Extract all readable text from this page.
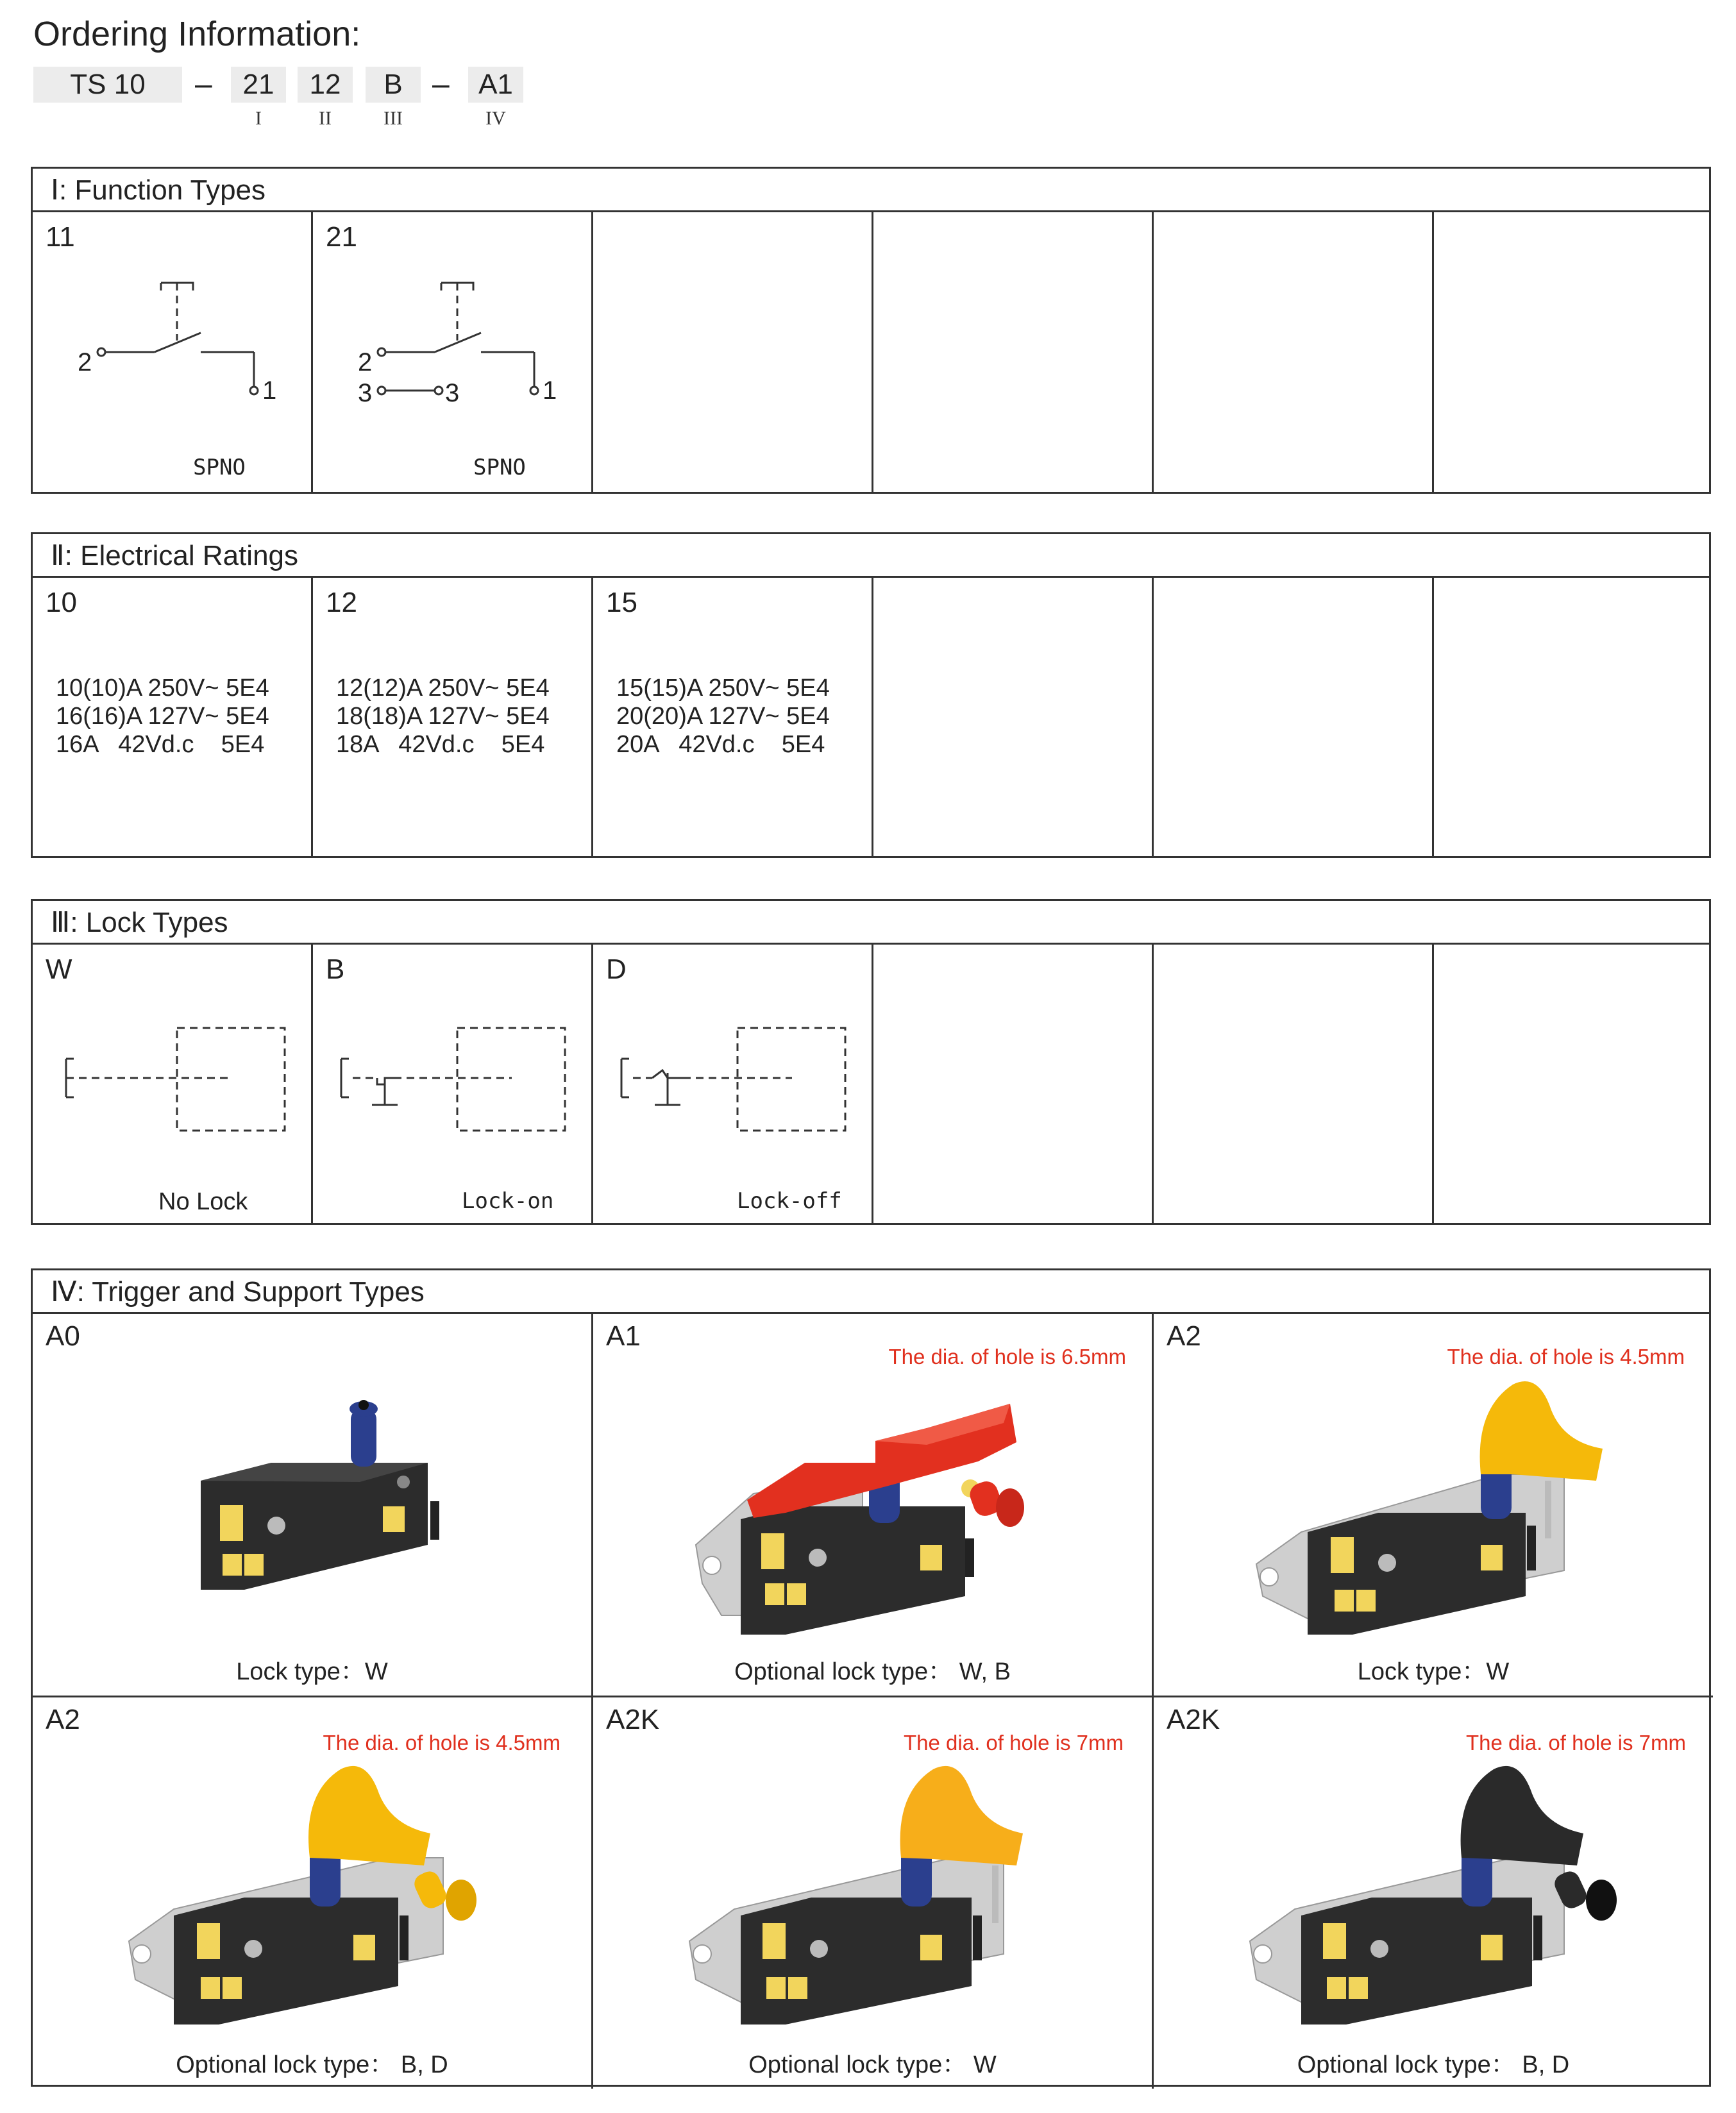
Ordering Information:
TS 10	–	21	12	B –	A1
I	II	III	IV
Ⅰ: Function Types
11
2
1
SPNO
21
2
1
3	3
SPNO
Ⅱ: Electrical Ratings
10
10(10)A 250V~ 5E4
16(16)A 127V~ 5E4
16A   42Vd.c    5E4
12
12(12)A 250V~ 5E4
18(18)A 127V~ 5E4
18A   42Vd.c    5E4
15
15(15)A 250V~ 5E4
20(20)A 127V~ 5E4
20A   42Vd.c    5E4
Ⅲ: Lock Types
W
No Lock
B
Lock-on
D
Lock-off
Ⅳ: Trigger and Support Types
A0
Lock type：W
A1
The dia. of hole is 6.5mm
Optional lock type： W, B
A2
The dia. of hole is 4.5mm
Lock type：W
A2
The dia. of hole is 4.5mm
Optional lock type： B, D
A2K
The dia. of hole is 7mm
Optional lock type： W
A2K
The dia. of hole is 7mm
Optional lock type： B, D
